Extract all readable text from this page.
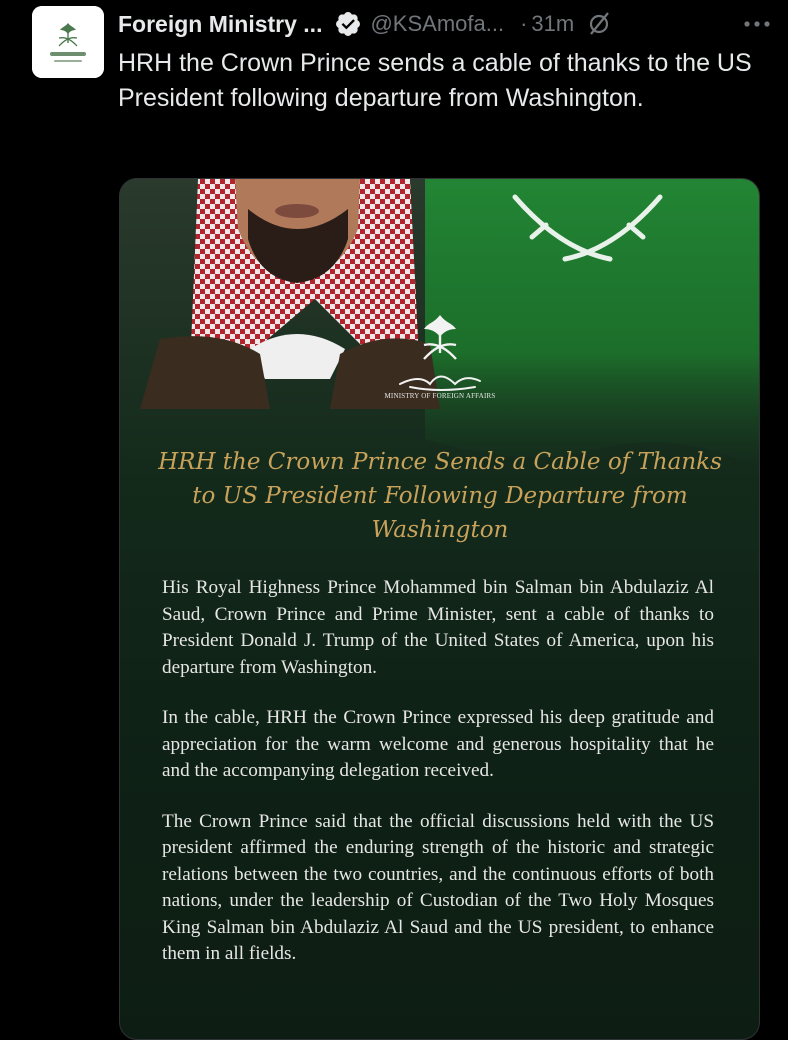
Foreign Ministry ... @KSAmofa... · 31m
HRH the Crown Prince sends a cable of thanks to the US President following departure from Washington.
MINISTRY OF FOREIGN AFFAIRS
HRH the Crown Prince Sends a Cable of Thanks to US President Following Departure from Washington

His Royal Highness Prince Mohammed bin Salman bin Abdulaziz Al Saud, Crown Prince and Prime Minister, sent a cable of thanks to President Donald J. Trump of the United States of America, upon his departure from Washington.

In the cable, HRH the Crown Prince expressed his deep gratitude and appreciation for the warm welcome and generous hospitality that he and the accompanying delegation received.

The Crown Prince said that the official discussions held with the US president affirmed the enduring strength of the historic and strategic relations between the two countries, and the continuous efforts of both nations, under the leadership of Custodian of the Two Holy Mosques King Salman bin Abdulaziz Al Saud and the US president, to enhance them in all fields.
